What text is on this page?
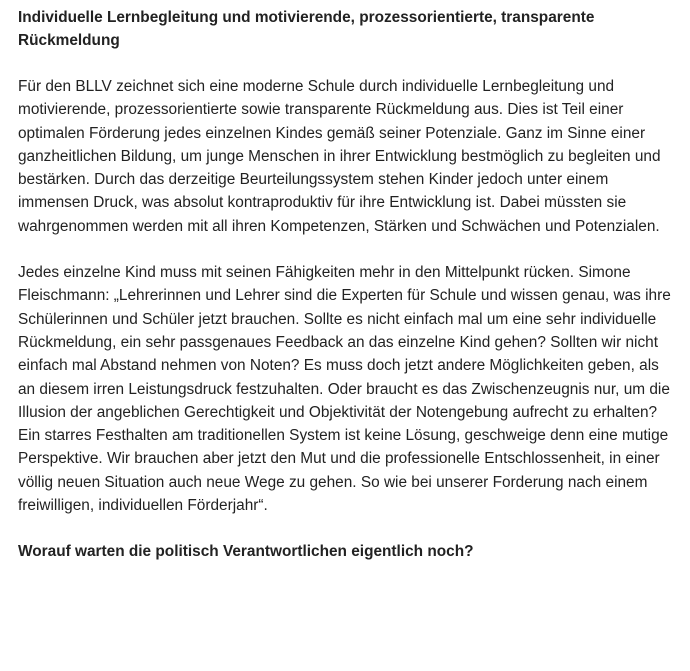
Individuelle Lernbegleitung und motivierende, prozessorientierte, transparente Rückmeldung

Für den BLLV zeichnet sich eine moderne Schule durch individuelle Lernbegleitung und motivierende, prozessorientierte sowie transparente Rückmeldung aus. Dies ist Teil einer optimalen Förderung jedes einzelnen Kindes gemäß seiner Potenziale. Ganz im Sinne einer ganzheitlichen Bildung, um junge Menschen in ihrer Entwicklung bestmöglich zu begleiten und bestärken. Durch das derzeitige Beurteilungssystem stehen Kinder jedoch unter einem immensen Druck, was absolut kontraproduktiv für ihre Entwicklung ist. Dabei müssten sie wahrgenommen werden mit all ihren Kompetenzen, Stärken und Schwächen und Potenzialen.

Jedes einzelne Kind muss mit seinen Fähigkeiten mehr in den Mittelpunkt rücken. Simone Fleischmann: „Lehrerinnen und Lehrer sind die Experten für Schule und wissen genau, was ihre Schülerinnen und Schüler jetzt brauchen. Sollte es nicht einfach mal um eine sehr individuelle Rückmeldung, ein sehr passgenaues Feedback an das einzelne Kind gehen? Sollten wir nicht einfach mal Abstand nehmen von Noten? Es muss doch jetzt andere Möglichkeiten geben, als an diesem irren Leistungsdruck festzuhalten. Oder braucht es das Zwischenzeugnis nur, um die Illusion der angeblichen Gerechtigkeit und Objektivität der Notengebung aufrecht zu erhalten? Ein starres Festhalten am traditionellen System ist keine Lösung, geschweige denn eine mutige Perspektive. Wir brauchen aber jetzt den Mut und die professionelle Entschlossenheit, in einer völlig neuen Situation auch neue Wege zu gehen. So wie bei unserer Forderung nach einem freiwilligen, individuellen Förderjahr“.

Worauf warten die politisch Verantwortlichen eigentlich noch?
